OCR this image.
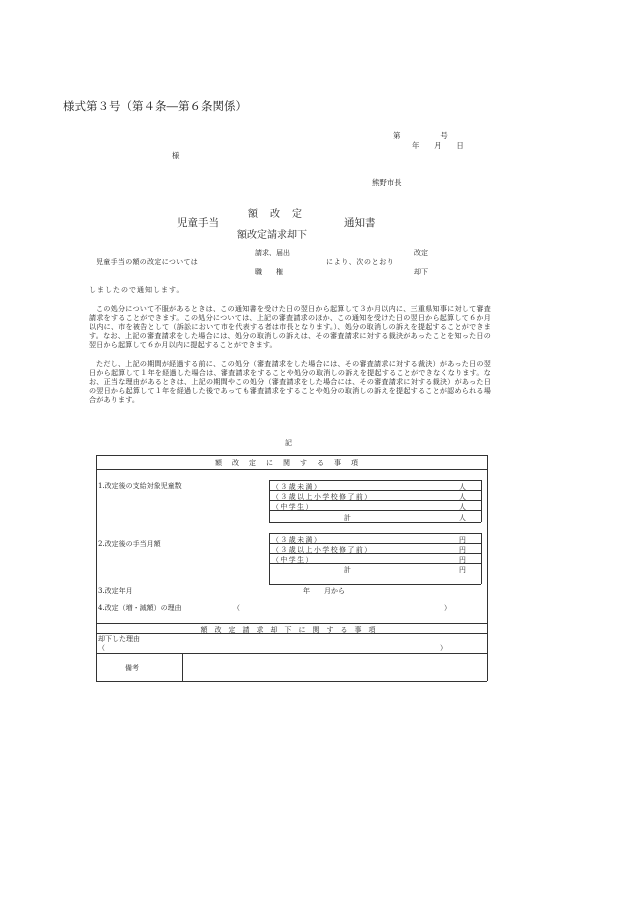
様式第３号（第４条―第６条関係）
第　　　　　号
年　　月　　日
様
熊野市長
額　改　定
児童手当	通知書
額改定請求却下
請求、届出	改定
児童手当の額の改定については	により、次のとおり
職　　権	却下
しましたので通知します。
この処分について不服があるときは、この通知書を受けた日の翌日から起算して３か月以内に、三重県知事に対して審査請求をすることができます。この処分については、上記の審査請求のほか、この通知を受けた日の翌日から起算して６か月以内に、市を被告として（訴訟において市を代表する者は市長となります。）、処分の取消しの訴えを提起することができます。なお、上記の審査請求をした場合には、処分の取消しの訴えは、その審査請求に対する裁決があったことを知った日の翌日から起算して６か月以内に提起することができます。
ただし、上記の期間が経過する前に、この処分（審査請求をした場合には、その審査請求に対する裁決）があった日の翌日から起算して１年を経過した場合は、審査請求をすることや処分の取消しの訴えを提起することができなくなります。なお、正当な理由があるときは、上記の期間やこの処分（審査請求をした場合には、その審査請求に対する裁決）があった日の翌日から起算して１年を経過した後であっても審査請求をすることや処分の取消しの訴えを提起することが認められる場合があります。
記
額改定に関する事項
1.改定後の支給対象児童数	（３歳未満）	人
（３歳以上小学校修了前）	人
（中学生）	人
計	人
2.改定後の手当月額	（３歳未満）	円
（３歳以上小学校修了前）	円
（中学生）	円
計	円
3.改定年月	年　　月から
4.改定（増・減額）の理由	（	）
額改定請求却下に関する事項
却下した理由
（	）
備考
